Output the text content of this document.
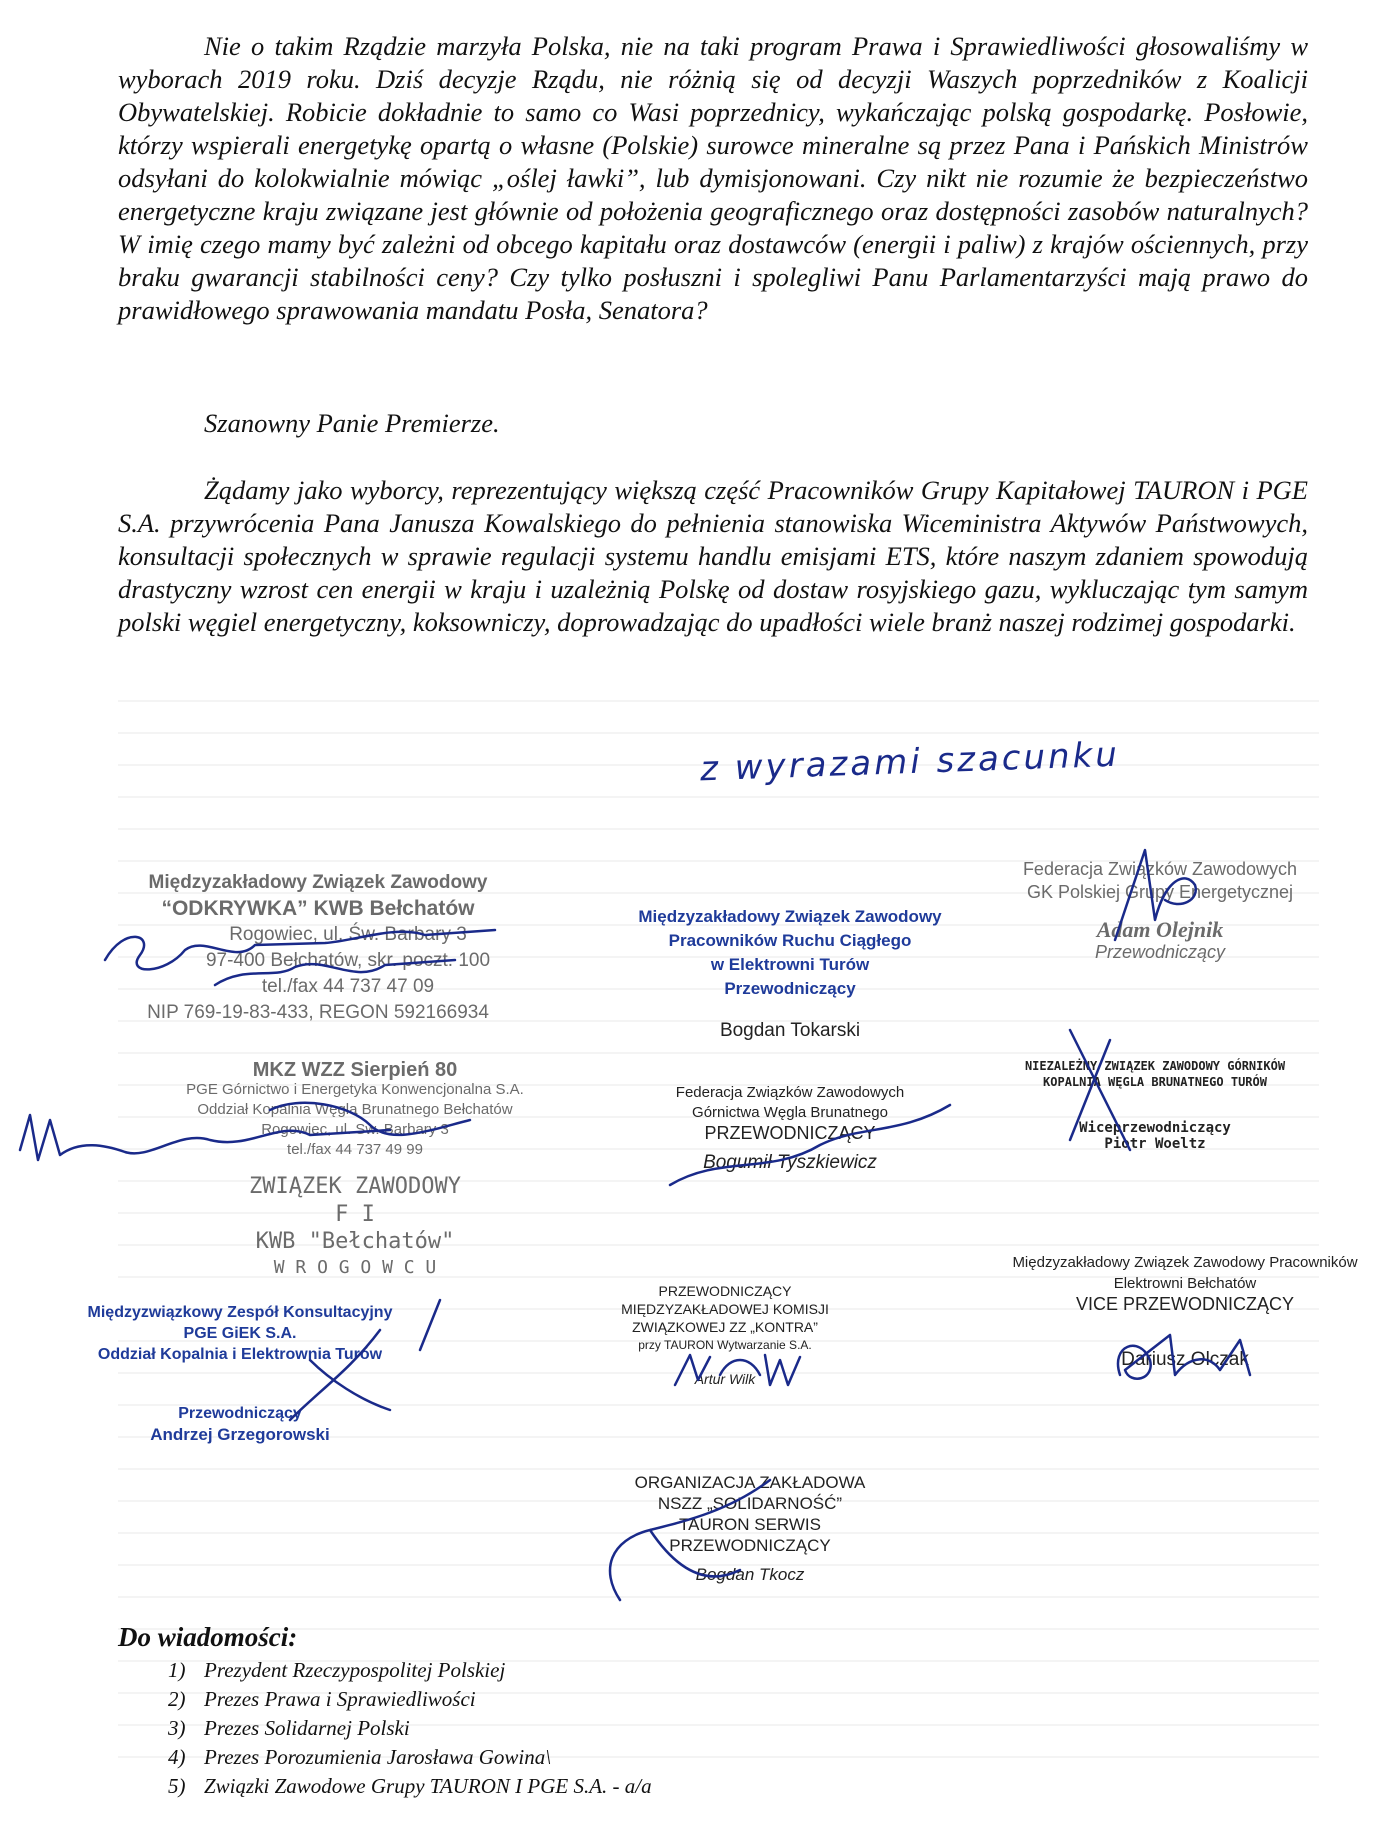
Nie o takim Rządzie marzyła Polska, nie na taki program Prawa i Sprawiedliwości głosowaliśmy w wyborach 2019 roku. Dziś decyzje Rządu, nie różnią się od decyzji Waszych poprzedników z Koalicji Obywatelskiej. Robicie dokładnie to samo co Wasi poprzednicy, wykańczając polską gospodarkę. Posłowie, którzy wspierali energetykę opartą o własne (Polskie) surowce mineralne są przez Pana i Pańskich Ministrów odsyłani do kolokwialnie mówiąc „oślej ławki”, lub dymisjonowani. Czy nikt nie rozumie że bezpieczeństwo energetyczne kraju związane jest głównie od położenia geograficznego oraz dostępności zasobów naturalnych? W imię czego mamy być zależni od obcego kapitału oraz dostawców (energii i paliw) z krajów ościennych, przy braku gwarancji stabilności ceny? Czy tylko posłuszni i spolegliwi Panu Parlamentarzyści mają prawo do prawidłowego sprawowania mandatu Posła, Senatora?

Szanowny Panie Premierze.

Żądamy jako wyborcy, reprezentujący większą część Pracowników Grupy Kapitałowej TAURON i PGE S.A. przywrócenia Pana Janusza Kowalskiego do pełnienia stanowiska Wiceministra Aktywów Państwowych, konsultacji społecznych w sprawie regulacji systemu handlu emisjami ETS, które naszym zdaniem spowodują drastyczny wzrost cen energii w kraju i uzależnią Polskę od dostaw rosyjskiego gazu, wykluczając tym samym polski węgiel energetyczny, koksowniczy, doprowadzając do upadłości wiele branż naszej rodzimej gospodarki.

z wyrazami szacunku
Międzyzakładowy Związek Zawodowy
“ODKRYWKA” KWB Bełchatów
Rogowiec, ul. Św. Barbary 3
97-400 Bełchatów, skr. poczt. 100
tel./fax 44 737 47 09
NIP 769-19-83-433, REGON 592166934
Międzyzakładowy Związek Zawodowy
Pracowników Ruchu Ciągłego
w Elektrowni Turów
Przewodniczący
Bogdan Tokarski
Federacja Związków Zawodowych
GK Polskiej Grupy Energetycznej
Adam Olejnik
Przewodniczący
MKZ WZZ Sierpień 80
PGE Górnictwo i Energetyka Konwencjonalna S.A.
Oddział Kopalnia Węgla Brunatnego Bełchatów
Rogowiec, ul. Sw. Barbary 3
tel./fax 44 737 49 99
ZWIĄZEK ZAWODOWY
F I
KWB "Bełchatów"
W R O G O W C U
Federacja Związków Zawodowych
Górnictwa Węgla Brunatnego
PRZEWODNICZĄCY
Bogumił Tyszkiewicz
NIEZALEŻNY ZWIĄZEK ZAWODOWY GÓRNIKÓW
KOPALNIA WĘGLA BRUNATNEGO TURÓW
Wiceprzewodniczący
Piotr Woeltz
Międzyzwiązkowy Zespół Konsultacyjny
PGE GiEK S.A.
Oddział Kopalnia i Elektrownia Turów
Przewodniczący
Andrzej Grzegorowski
PRZEWODNICZĄCY
MIĘDZYZAKŁADOWEJ KOMISJI
ZWIĄZKOWEJ ZZ „KONTRA”
przy TAURON Wytwarzanie S.A.
Artur Wilk
Międzyzakładowy Związek Zawodowy Pracowników
Elektrowni Bełchatów
VICE PRZEWODNICZĄCY
Dariusz Olczak
ORGANIZACJA ZAKŁADOWA
NSZZ „SOLIDARNOŚĆ”
TAURON SERWIS
PRZEWODNICZĄCY
Bogdan Tkocz
Do wiadomości:
1) Prezydent Rzeczypospolitej Polskiej
2) Prezes Prawa i Sprawiedliwości
3) Prezes Solidarnej Polski
4) Prezes Porozumienia Jarosława Gowina\
5) Związki Zawodowe Grupy TAURON I PGE S.A. - a/a
